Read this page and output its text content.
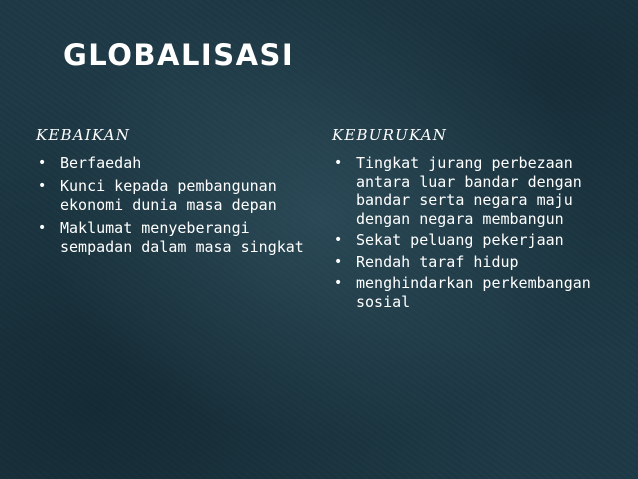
GLOBALISASI
KEBAIKAN
• Berfaedah
• Kunci kepada pembangunan ekonomi dunia masa depan
• Maklumat menyeberangi sempadan dalam masa singkat
KEBURUKAN
• Tingkat jurang perbezaan antara luar bandar dengan bandar serta negara maju dengan negara membangun
• Sekat peluang pekerjaan
• Rendah taraf hidup
• menghindarkan perkembangan sosial
